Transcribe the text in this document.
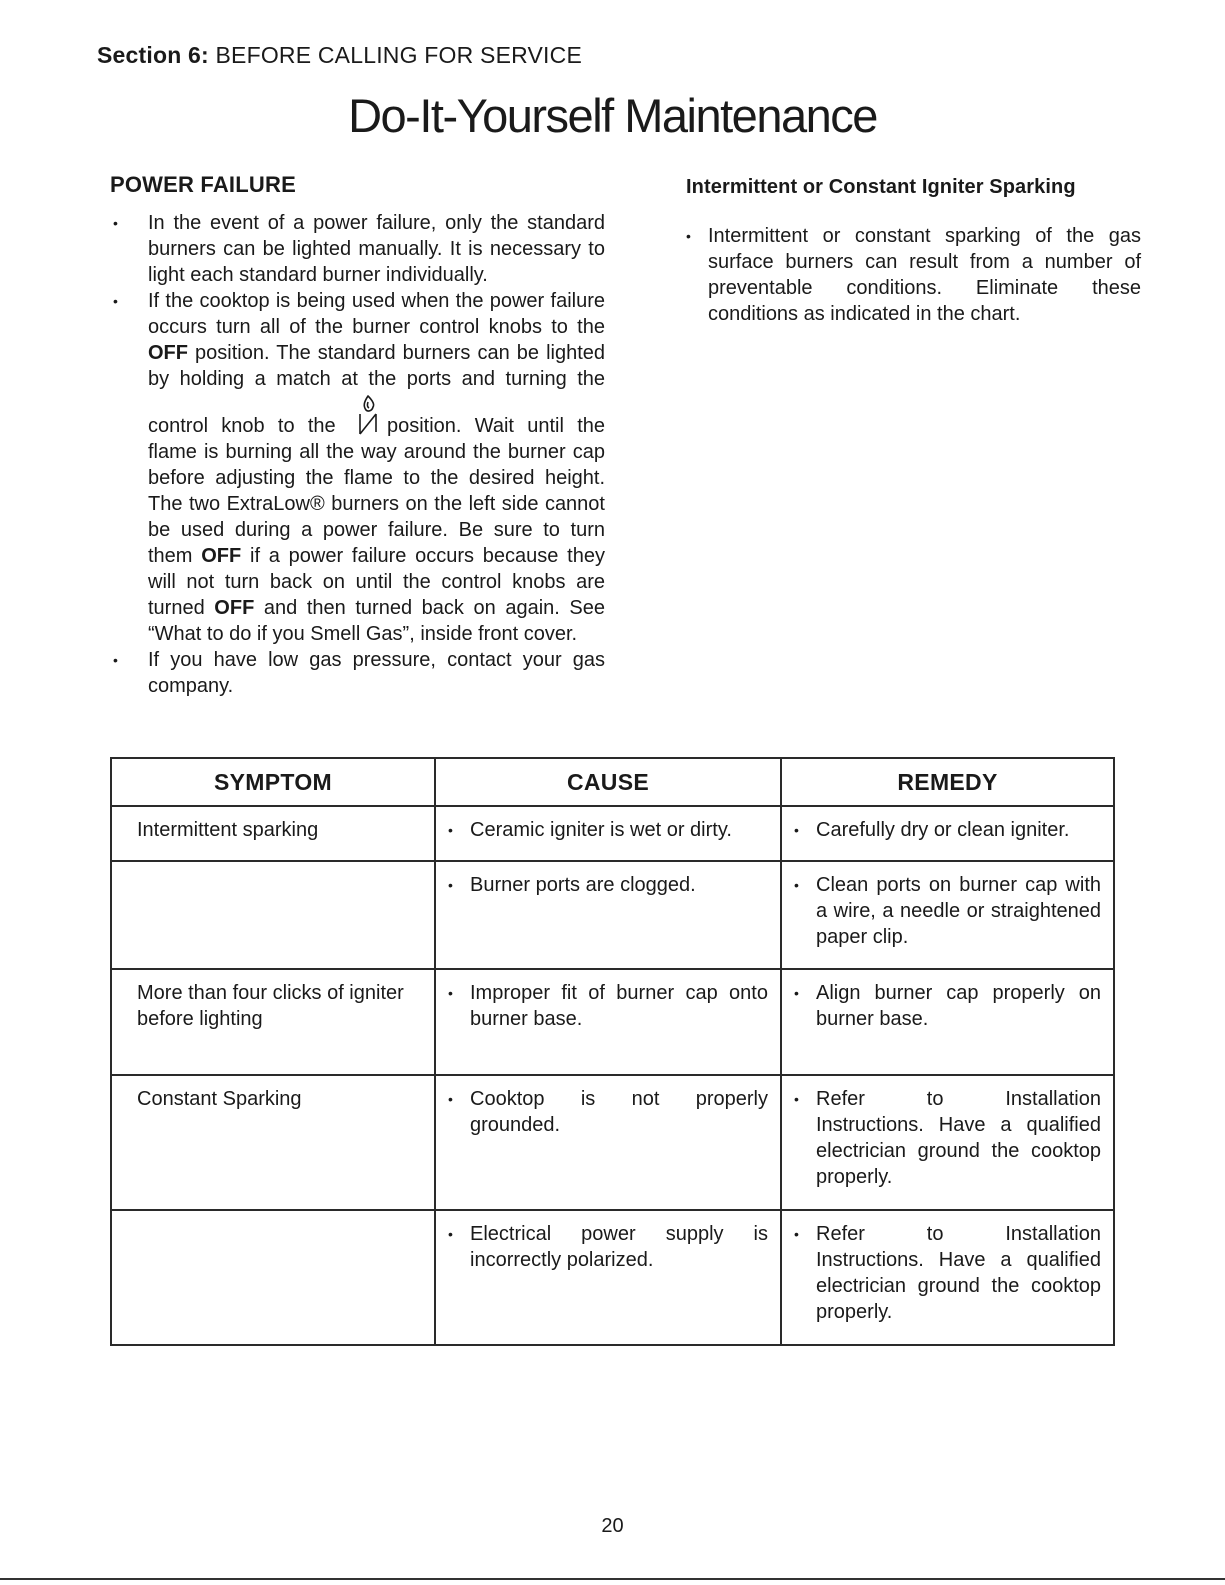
Section 6: BEFORE CALLING FOR SERVICE
Do-It-Yourself Maintenance
POWER FAILURE
• In the event of a power failure, only the standard burners can be lighted manually. It is necessary to light each standard burner individually.
• If the cooktop is being used when the power failure occurs turn all of the burner control knobs to the OFF position. The standard burners can be lighted by holding a match at the ports and turning the control knob to the
position. Wait until the flame is burning all the way around the burner cap before adjusting the flame to the desired height. The two ExtraLow® burners on the left side cannot be used during a power failure. Be sure to turn them OFF if a power failure occurs because they will not turn back on until the control knobs are turned OFF and then turned back on again. See “What to do if you Smell Gas”, inside front cover.
• If you have low gas pressure, contact your gas company.
Intermittent or Constant Igniter Sparking
• Intermittent or constant sparking of the gas surface burners can result from a number of preventable conditions. Eliminate these conditions as indicated in the chart.
SYMPTOM	CAUSE	REMEDY
Intermittent sparking	• Ceramic igniter is wet or dirty.	• Carefully dry or clean igniter.

	• Burner ports are clogged.	• Clean ports on burner cap with a wire, a needle or straightened paper clip.

More than four clicks of igniter before lighting	• Improper fit of burner cap onto burner base.	• Align burner cap properly on burner base.

Constant Sparking	• Cooktop is not properly grounded.	• Refer to Installation Instructions. Have a qualified electrician ground the cooktop properly.

	• Electrical power supply is incorrectly polarized.	• Refer to Installation Instructions. Have a qualified electrician ground the cooktop properly.
20
